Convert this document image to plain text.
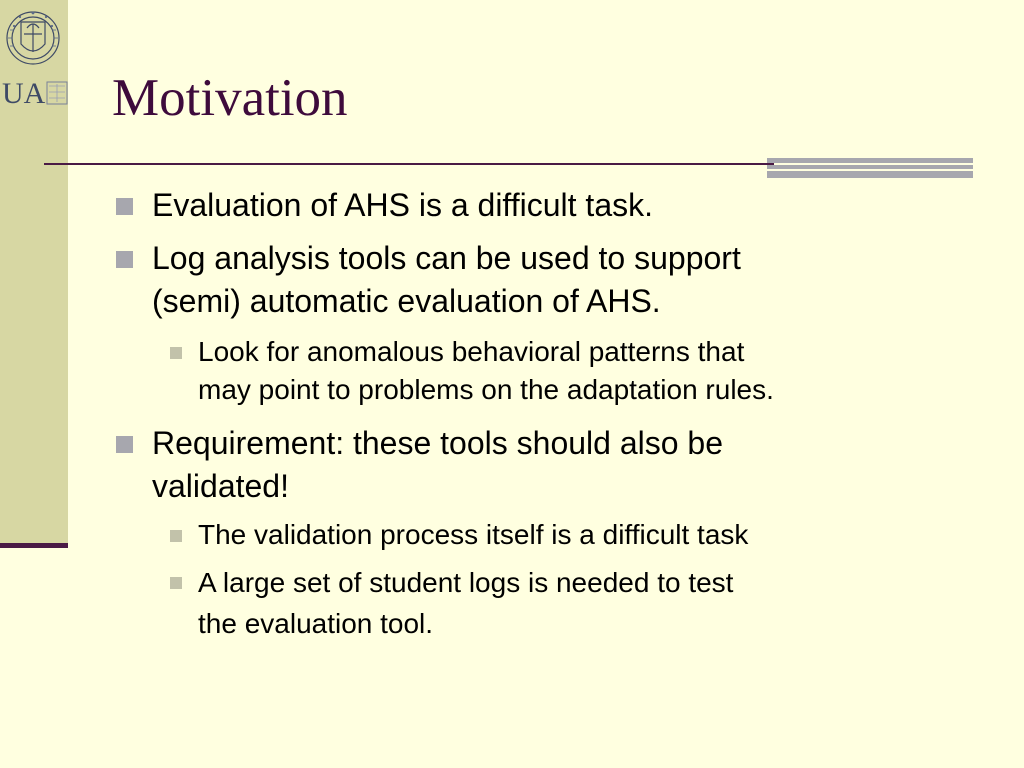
UA Motivation
Evaluation of AHS is a difficult task.
Log analysis tools can be used to support
(semi) automatic evaluation of AHS.
Look for anomalous behavioral patterns that
may point to problems on the adaptation rules.
Requirement: these tools should also be
validated!
The validation process itself is a difficult task
A large set of student logs is needed to test
the evaluation tool.
